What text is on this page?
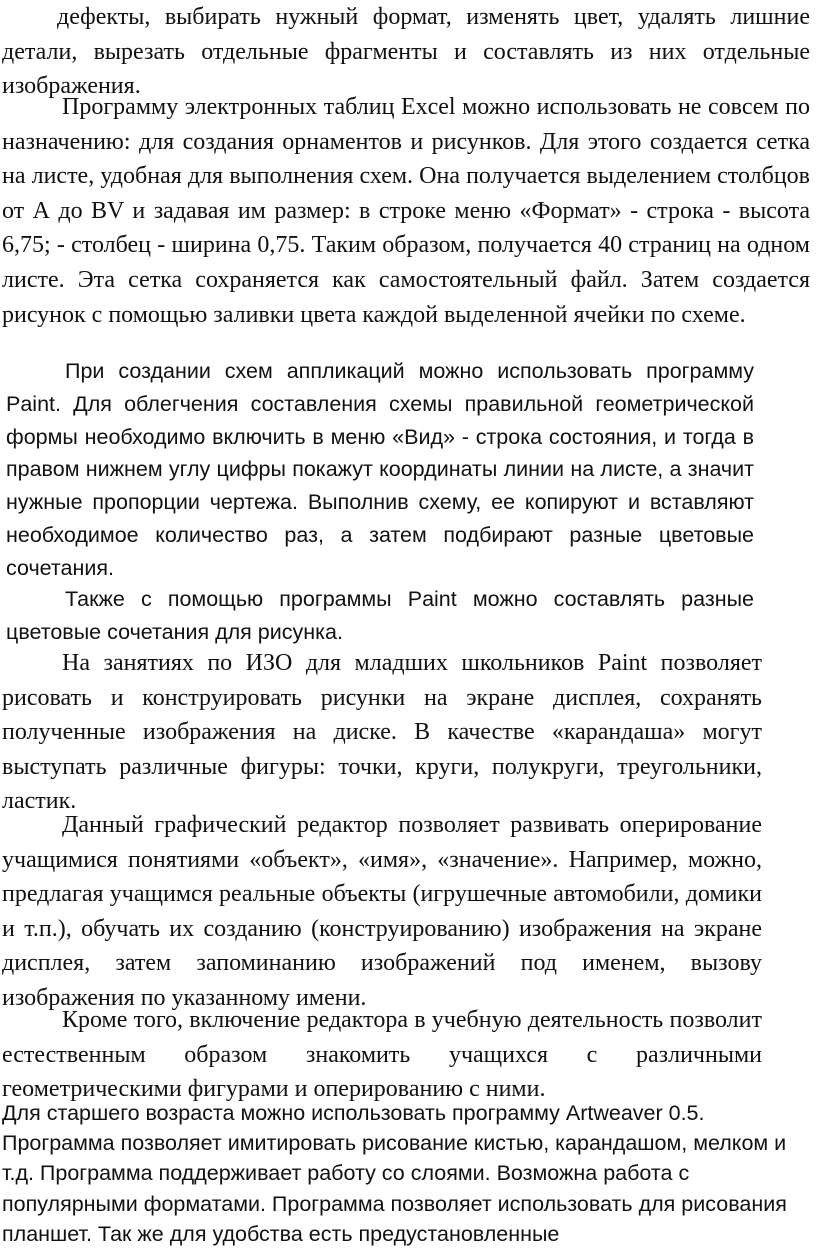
дефекты, выбирать нужный формат, изменять цвет, удалять лишние детали, вырезать отдельные фрагменты и составлять из них отдельные изображения.

Программу электронных таблиц Excel можно использовать не совсем по назначению: для создания орнаментов и рисунков. Для этого создается сетка на листе, удобная для выполнения схем. Она получается выделением столбцов от А до BV и задавая им размер: в строке меню «Формат» - строка - высота 6,75; - столбец - ширина 0,75. Таким образом, получается 40 страниц на одном листе. Эта сетка сохраняется как самостоятельный файл. Затем создается рисунок с помощью заливки цвета каждой выделенной ячейки по схеме.

При создании схем аппликаций можно использовать программу Paint. Для облегчения составления схемы правильной геометрической формы необходимо включить в меню «Вид» - строка состояния, и тогда в правом нижнем углу цифры покажут координаты линии на листе, а значит нужные пропорции чертежа. Выполнив схему, ее копируют и вставляют необходимое количество раз, а затем подбирают разные цветовые сочетания.

Также с помощью программы Paint можно составлять разные цветовые сочетания для рисунка.

На занятиях по ИЗО для младших школьников Paint позволяет рисовать и конструировать рисунки на экране дисплея, сохранять полученные изображения на диске. В качестве «карандаша» могут выступать различные фигуры: точки, круги, полукруги, треугольники, ластик.

Данный графический редактор позволяет развивать оперирование учащимися понятиями «объект», «имя», «значение». Например, можно, предлагая учащимся реальные объекты (игрушечные автомобили, домики и т.п.), обучать их созданию (конструированию) изображения на экране дисплея, затем запоминанию изображений под именем, вызову изображения по указанному имени.

Кроме того, включение редактора в учебную деятельность позволит естественным образом знакомить учащихся с различными геометрическими фигурами и оперированию с ними.

Для старшего возраста можно использовать программу Artweaver 0.5. Программа позволяет имитировать рисование кистью, карандашом, мелком и т.д. Программа поддерживает работу со слоями. Возможна работа с популярными форматами. Программа позволяет использовать для рисования планшет. Так же для удобства есть предустановленные
